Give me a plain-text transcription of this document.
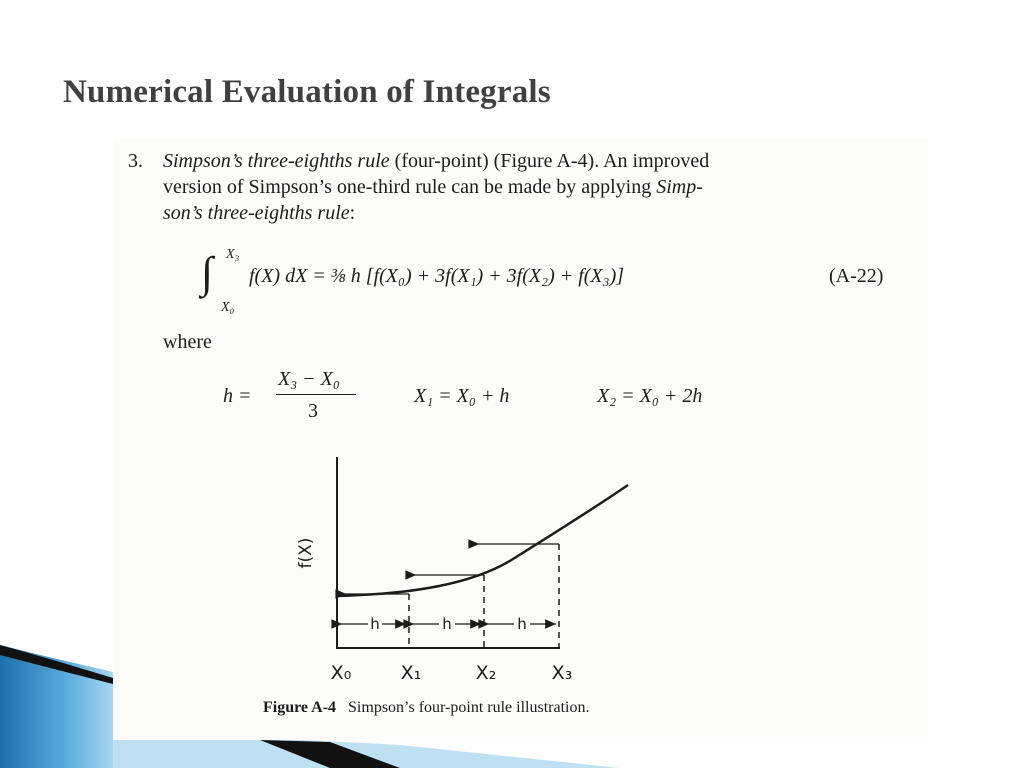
Numerical Evaluation of Integrals
3. Simpson’s three-eighths rule (four-point) (Figure A-4). An improved
version of Simpson’s one-third rule can be made by applying Simp-
son’s three-eighths rule:
∫ X₃
X₀
f(X) dX = ⅜ h [f(X₀) + 3f(X₁) + 3f(X₂) + f(X₃)]	(A-22)
where
h =
X₃ − X₀
3
X₁ = X₀ + h	X₂ = X₀ + 2h
h	h	h
f(X)
X₀	X₁	X₂	X₃
Figure A-4 Simpson’s four-point rule illustration.
